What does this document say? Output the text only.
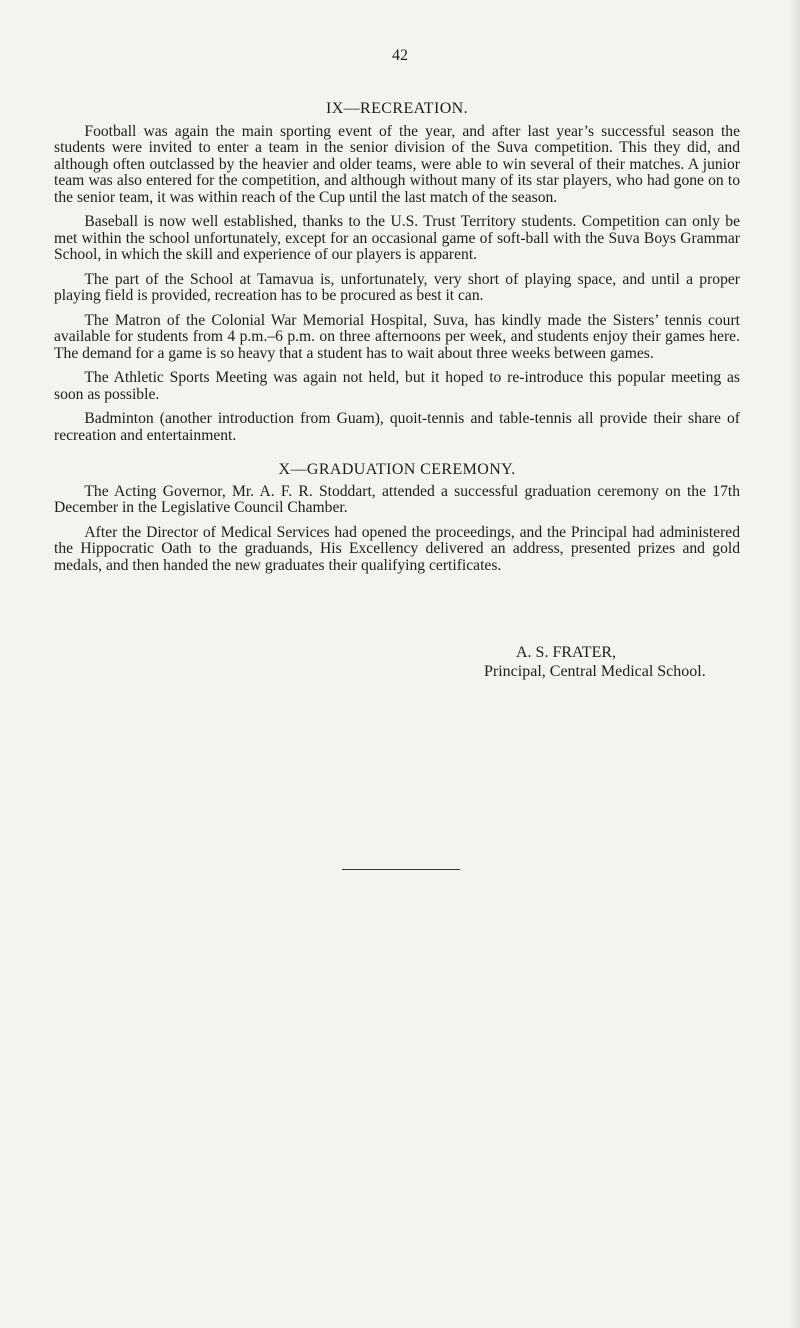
42
IX—RECREATION.

Football was again the main sporting event of the year, and after last year’s successful season the students were invited to enter a team in the senior division of the Suva competition. This they did, and although often outclassed by the heavier and older teams, were able to win several of their matches. A junior team was also entered for the competition, and although without many of its star players, who had gone on to the senior team, it was within reach of the Cup until the last match of the season.

Baseball is now well established, thanks to the U.S. Trust Territory students. Competition can only be met within the school unfortunately, except for an occasional game of soft-ball with the Suva Boys Grammar School, in which the skill and experience of our players is apparent.

The part of the School at Tamavua is, unfortunately, very short of playing space, and until a proper playing field is provided, recreation has to be procured as best it can.

The Matron of the Colonial War Memorial Hospital, Suva, has kindly made the Sisters’ tennis court available for students from 4 p.m.–6 p.m. on three afternoons per week, and students enjoy their games here. The demand for a game is so heavy that a student has to wait about three weeks between games.

The Athletic Sports Meeting was again not held, but it hoped to re-introduce this popular meeting as soon as possible.

Badminton (another introduction from Guam), quoit-tennis and table-tennis all provide their share of recreation and entertainment.

X—GRADUATION CEREMONY.

The Acting Governor, Mr. A. F. R. Stoddart, attended a successful graduation ceremony on the 17th December in the Legislative Council Chamber.

After the Director of Medical Services had opened the proceedings, and the Principal had administered the Hippocratic Oath to the graduands, His Excellency delivered an address, presented prizes and gold medals, and then handed the new graduates their qualifying certificates.

A. S. FRATER,
Principal, Central Medical School.
